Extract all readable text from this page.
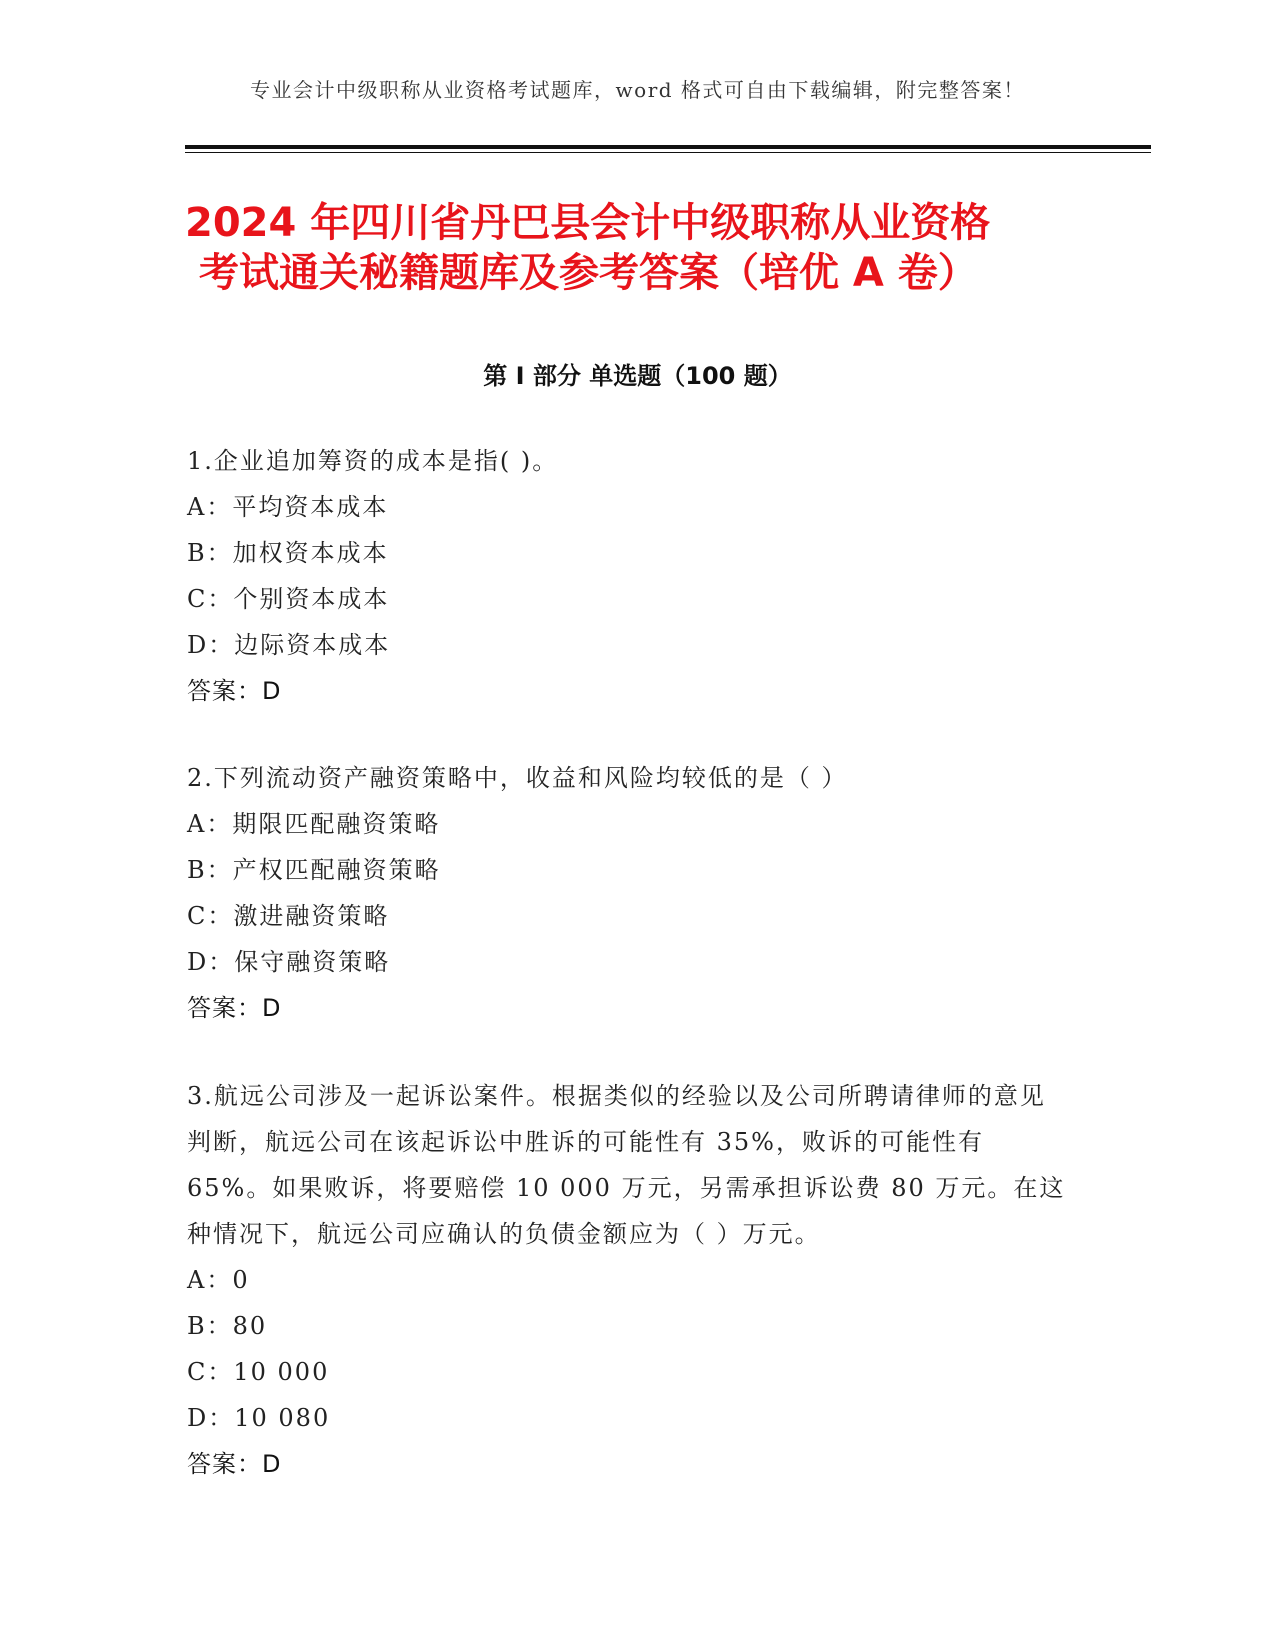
专业会计中级职称从业资格考试题库，word 格式可自由下载编辑，附完整答案！
2024 年四川省丹巴县会计中级职称从业资格
考试通关秘籍题库及参考答案（培优 A 卷）
第 I 部分 单选题（100 题）
1.企业追加筹资的成本是指( )。
A：平均资本成本
B：加权资本成本
C：个别资本成本
D：边际资本成本
答案：D
2.下列流动资产融资策略中，收益和风险均较低的是（ ）
A：期限匹配融资策略
B：产权匹配融资策略
C：激进融资策略
D：保守融资策略
答案：D
3.航远公司涉及一起诉讼案件。根据类似的经验以及公司所聘请律师的意见判断，航远公司在该起诉讼中胜诉的可能性有 35%，败诉的可能性有 65%。如果败诉，将要赔偿 10 000 万元，另需承担诉讼费 80 万元。在这种情况下，航远公司应确认的负债金额应为（ ）万元。
A：0
B：80
C：10 000
D：10 080
答案：D
